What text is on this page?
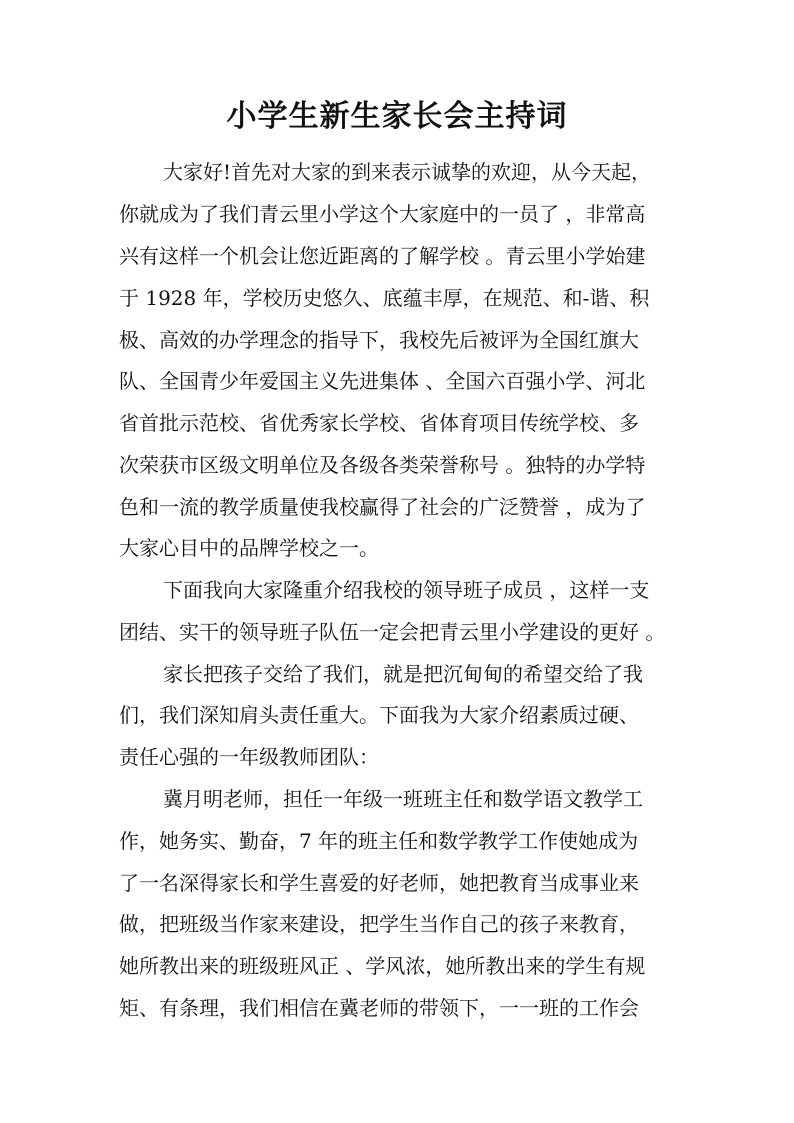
小学生新生家长会主持词
大家好!首先对大家的到来表示诚挚的欢迎，从今天起，
你就成为了我们青云里小学这个大家庭中的一员了 ，非常高
兴有这样一个机会让您近距离的了解学校 。青云里小学始建
于 1928 年，学校历史悠久、底蕴丰厚，在规范、和-谐、积
极、高效的办学理念的指导下，我校先后被评为全国红旗大
队、全国青少年爱国主义先进集体 、全国六百强小学、河北
省首批示范校、省优秀家长学校、省体育项目传统学校、多
次荣获市区级文明单位及各级各类荣誉称号 。独特的办学特
色和一流的教学质量使我校赢得了社会的广泛赞誉 ，成为了
大家心目中的品牌学校之一。
下面我向大家隆重介绍我校的领导班子成员 ，这样一支
团结、实干的领导班子队伍一定会把青云里小学建设的更好 。
家长把孩子交给了我们，就是把沉甸甸的希望交给了我
们，我们深知肩头责任重大。下面我为大家介绍素质过硬、
责任心强的一年级教师团队：
冀月明老师，担任一年级一班班主任和数学语文教学工
作，她务实、勤奋，7 年的班主任和数学教学工作使她成为
了一名深得家长和学生喜爱的好老师，她把教育当成事业来
做，把班级当作家来建设，把学生当作自己的孩子来教育，
她所教出来的班级班风正 、学风浓，她所教出来的学生有规
矩、有条理，我们相信在冀老师的带领下，一一班的工作会
